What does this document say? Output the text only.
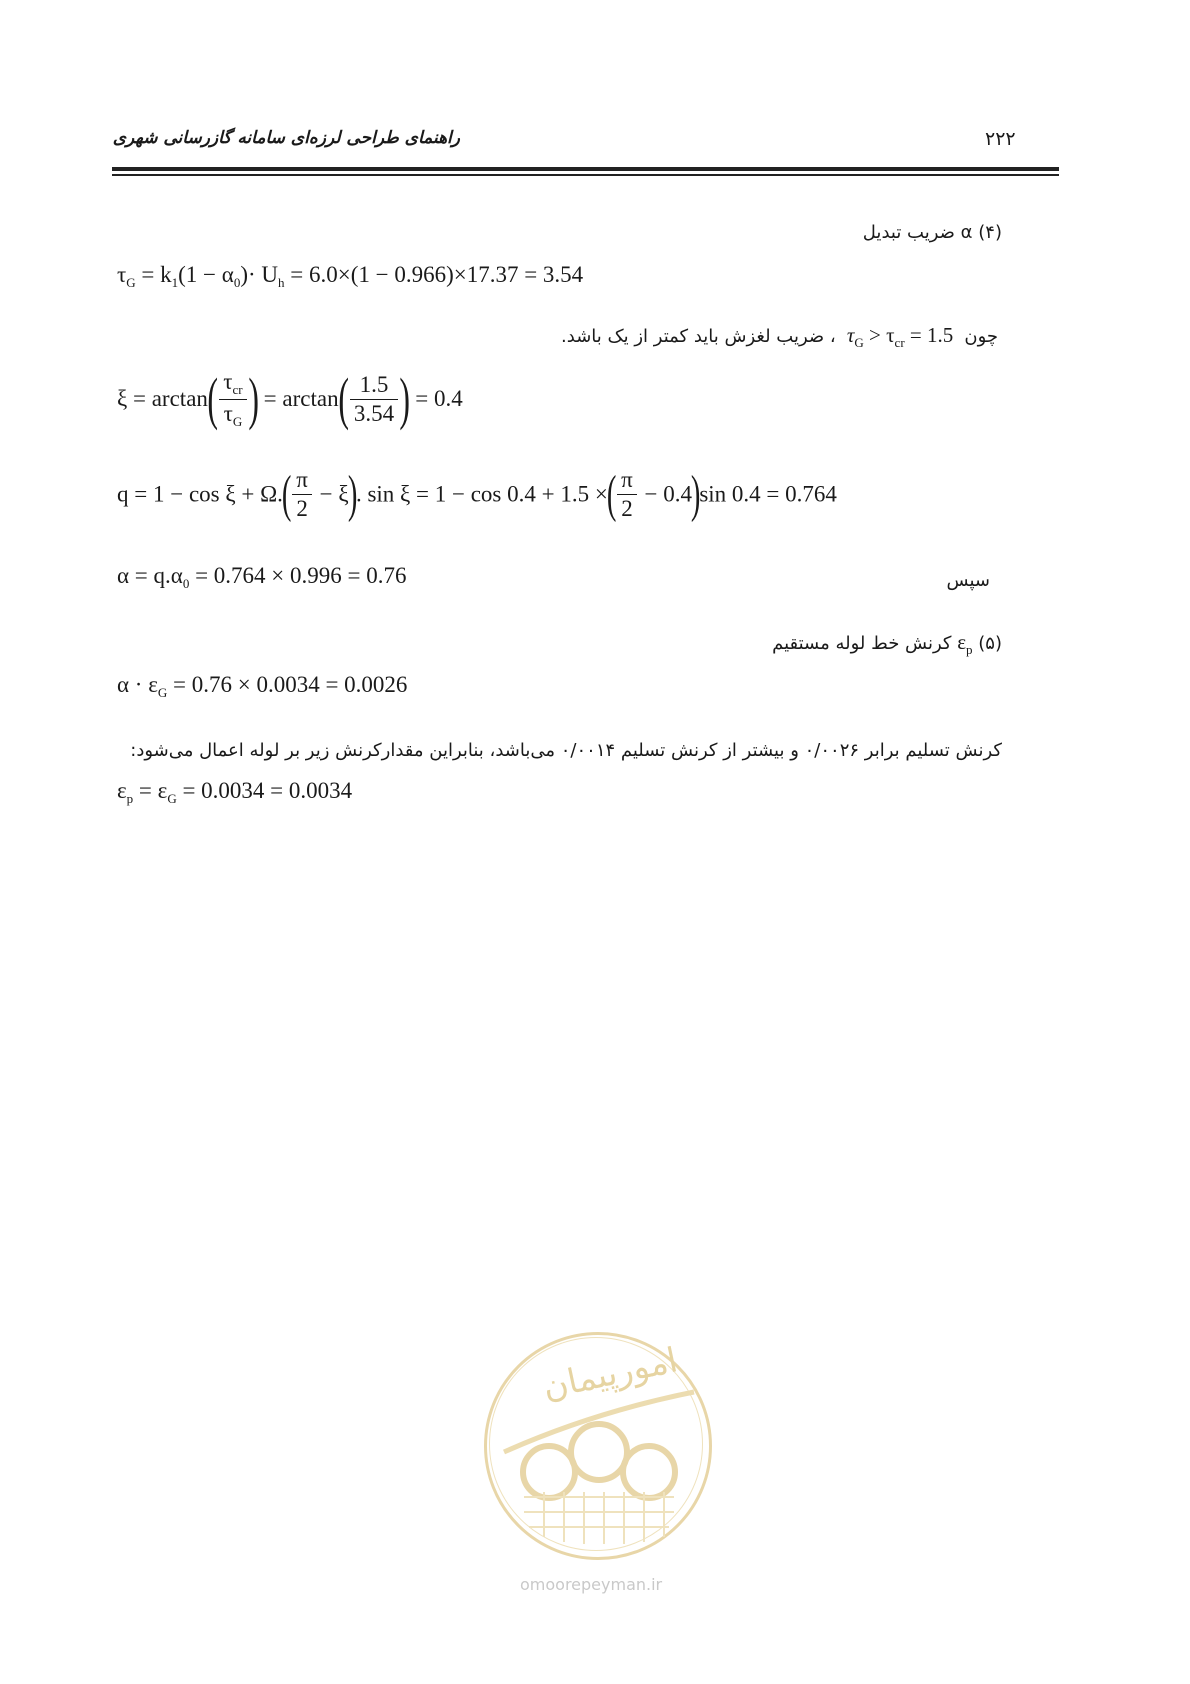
۲۲۲
راهنمای طراحی لرزه‌ای سامانه گازرسانی شهری
(۴) α ضریب تبدیل
$\tau_G = k_1(1 - \alpha_0)\cdot U_h = 6.0\times(1 - 0.966)\times 17.37 = 3.54$
چون $\tau_G > \tau_{cr} = 1.5$ ، ضریب لغزش باید کمتر از یک باشد.
$\xi = \arctan( \frac{\tau_{cr}}{\tau_G}$ ) = $\arctan( \frac{1.5}{3.54}$ ) = 0.4
$q = 1 - \cos \xi + \Omega.( \frac{\pi}{2} - \xi)$. sin ξ = 1 − cos 0.4 + 1.5 ×( $\frac{\pi}{2} - 0.4)\sin$ 0.4 = 0.764
$\alpha = q.\alpha_0 = 0.764 \times 0.996 = 0.76$	سپس
(۵) $\varepsilon_p$ کرنش خط لوله مستقیم
$\alpha \cdot \varepsilon_G = 0.76 \times 0.0034 = 0.0026$
کرنش تسلیم برابر ۰/۰۰۲۶ و بیشتر از کرنش تسلیم ۰/۰۰۱۴ می‌باشد، بنابراین مقدارکرنش زیر بر لوله اعمال می‌شود:
$\varepsilon_p = \varepsilon_G = 0.0034 = 0.0034$
امورپیمان
omoorepeyman.ir
